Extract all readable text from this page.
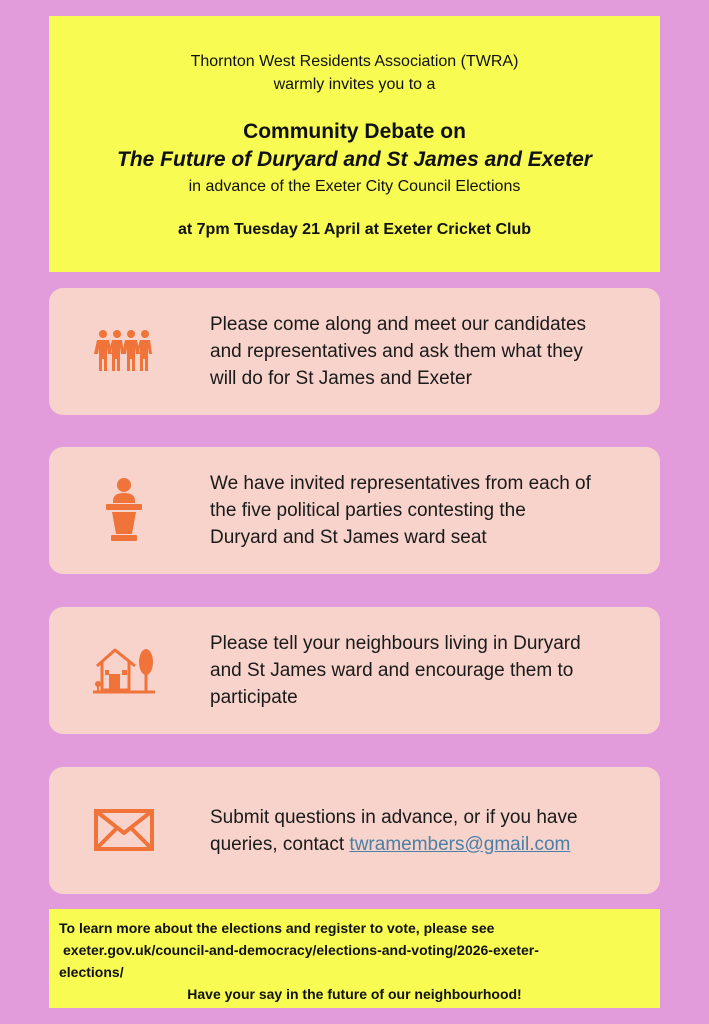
Thornton West Residents Association (TWRA)
warmly invites you to a
Community Debate on
The Future of Duryard and St James and Exeter
in advance of the Exeter City Council Elections
at 7pm Tuesday 21 April at Exeter Cricket Club
Please come along and meet our candidates
and representatives and ask them what they
will do for St James and Exeter
We have invited representatives from each of
the five political parties contesting the
Duryard and St James ward seat
Please tell your neighbours living in Duryard
and St James ward and encourage them to
participate
Submit questions in advance, or if you have
queries, contact twramembers@gmail.com
To learn more about the elections and register to vote, please see
exeter.gov.uk/council-and-democracy/elections-and-voting/2026-exeter-
elections/
Have your say in the future of our neighbourhood!
